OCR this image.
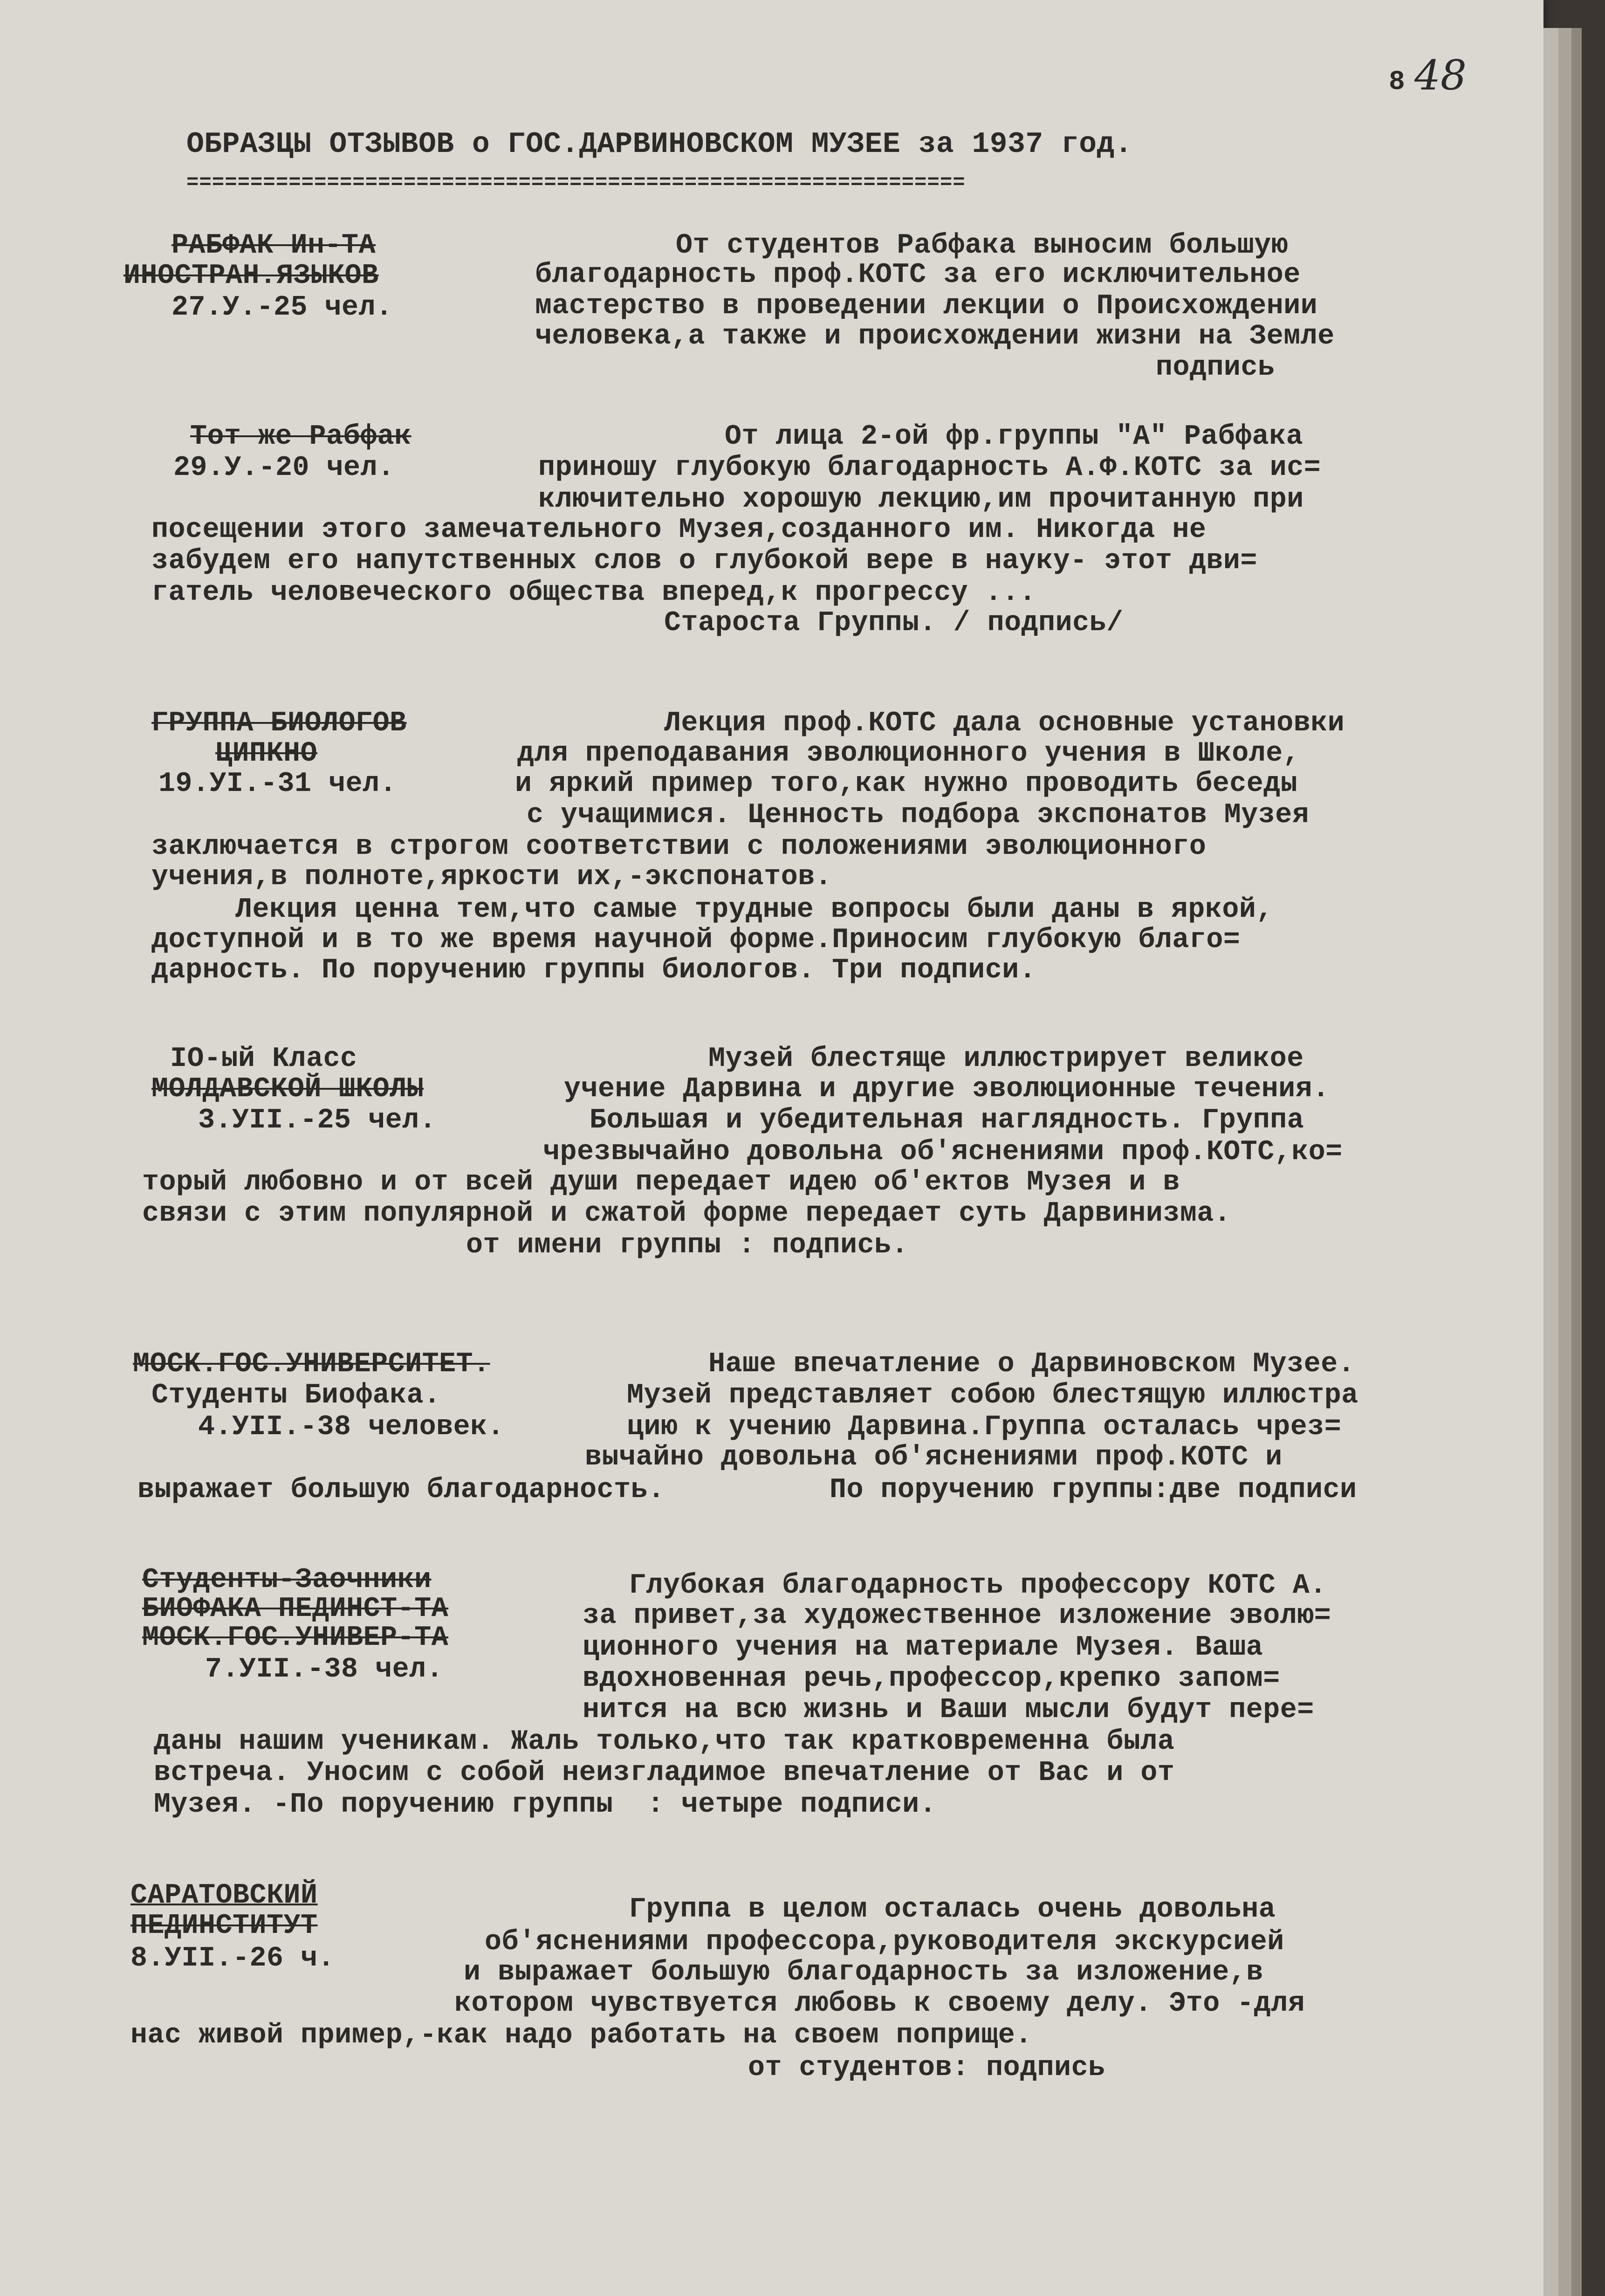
8 48
ОБРАЗЦЫ ОТЗЫВОВ о ГОС.ДАРВИНОВСКОМ МУЗЕЕ за 1937 год.
=============================================================
РАБФАК Ин-ТА
ИНОСТРАН.ЯЗЫКОВ
27.У.-25 чел.
От студентов Рабфака выносим большую
благодарность проф.КОТС за его исключительное
мастерство в проведении лекции о Происхождении
человека,а также и происхождении жизни на Земле
подпись
Тот же Рабфак
29.У.-20 чел.
От лица 2-ой фр.группы "А" Рабфака
приношу глубокую благодарность А.Ф.КОТС за ис=
ключительно хорошую лекцию,им прочитанную при
посещении этого замечательного Музея,созданного им. Никогда не
забудем его напутственных слов о глубокой вере в науку- этот дви=
гатель человеческого общества вперед,к прогрессу ...
Староста Группы. / подпись/
ГРУППА БИОЛОГОВ
ЦИПКНО
19.УI.-31 чел.
Лекция проф.КОТС дала основные установки
для преподавания эволюционного учения в Школе,
и яркий пример того,как нужно проводить беседы
с учащимися. Ценность подбора экспонатов Музея
заключается в строгом соответствии с положениями эволюционного
учения,в полноте,яркости их,-экспонатов.
Лекция ценна тем,что самые трудные вопросы были даны в яркой,
доступной и в то же время научной форме.Приносим глубокую благо=
дарность. По поручению группы биологов. Три подписи.
IO-ый Класс
МОЛДАВСКОЙ ШКОЛЫ
3.УII.-25 чел.
Музей блестяще иллюстрирует великое
учение Дарвина и другие эволюционные течения.
Большая и убедительная наглядность. Группа
чрезвычайно довольна об'яснениями проф.КОТС,ко=
торый любовно и от всей души передает идею об'ектов Музея и в
связи с этим популярной и сжатой форме передает суть Дарвинизма.
от имени группы : подпись.
МОСК.ГОС.УНИВЕРСИТЕТ.
Студенты Биофака.
4.УII.-38 человек.
Наше впечатление о Дарвиновском Музее.
Музей представляет собою блестящую иллюстра
цию к учению Дарвина.Группа осталась чрез=
вычайно довольна об'яснениями проф.КОТС и
выражает большую благодарность.	По поручению группы:две подписи
Студенты-Заочники
БИОФАКА ПЕДИНСТ-ТА
МОСК.ГОС.УНИВЕР-ТА
7.УII.-38 чел.
Глубокая благодарность профессору КОТС А.
за привет,за художественное изложение эволю=
ционного учения на материале Музея. Ваша
вдохновенная речь,профессор,крепко запом=
нится на всю жизнь и Ваши мысли будут пере=
даны нашим ученикам. Жаль только,что так кратковременна была
встреча. Уносим с собой неизгладимое впечатление от Вас и от
Музея. -По поручению группы  : четыре подписи.
САРАТОВСКИЙ
ПЕДИНСТИТУТ
8.УII.-26 ч.
Группа в целом осталась очень довольна
об'яснениями профессора,руководителя экскурсией
и выражает большую благодарность за изложение,в
котором чувствуется любовь к своему делу. Это -для
нас живой пример,-как надо работать на своем поприще.
от студентов: подпись
